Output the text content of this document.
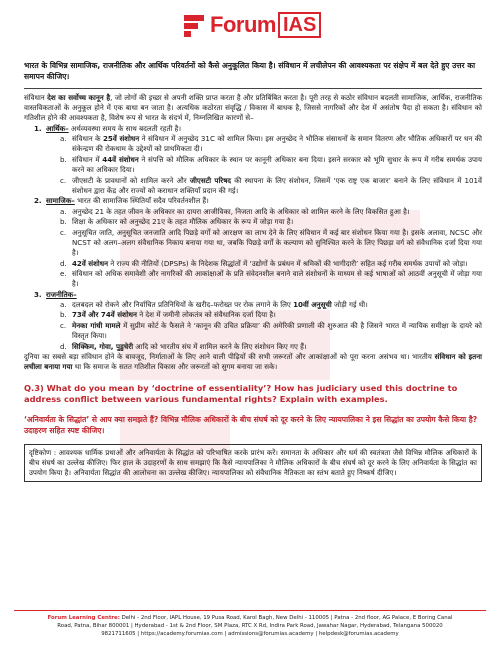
Forum IAS
भारत के विभिन्न सामाजिक, राजनीतिक और आर्थिक परिवर्तनों को कैसे अनुकूलित किया है। संविधान में लचीलेपन की आवश्यकता पर संक्षेप में बल देते हुए उत्तर का समापन कीजिए।

संविधान देश का सर्वोच्च कानून है, जो लोगों की इच्छा से अपनी शक्ति प्राप्त करता है और प्रतिबिंबित करता है। पूरी तरह से कठोर संविधान बदलती सामाजिक, आर्थिक, राजनीतिक वास्तविकताओं के अनुकूल होने में एक बाधा बन जाता है। अत्यधिक कठोरता संवृद्धि / विकास में बाधक है, जिससे नागरिकों और देश में असंतोष पैदा हो सकता है। संविधान को गतिशील होने की आवश्यकता है, विशेष रूप से भारत के संदर्भ में, निम्नलिखित कारणों से–

1. आर्थिक– अर्थव्यवस्था समय के साथ बदलती रहती है।
a. संविधान के 25वें संशोधन ने संविधान में अनुच्छेद 31C को शामिल किया। इस अनुच्छेद ने भौतिक संसाधनों के समान वितरण और भौतिक अधिकारों पर धन की संकेन्द्रण की रोकथाम के उद्देश्यों को प्राथमिकता दी।
b. संविधान में 44वें संशोधन ने संपत्ति को मौलिक अधिकार के स्थान पर कानूनी अधिकार बना दिया। इसने सरकार को भूमि सुधार के रूप में गरीब समर्थक उपाय करने का अधिकार दिया।
c. जीएसटी के प्रावधानों को शामिल करने और जीएसटी परिषद की स्थापना के लिए संशोधन, जिसमें ‘एक राष्ट्र एक बाजार’ बनाने के लिए संविधान में 101वें संशोधन द्वारा केंद्र और राज्यों को कराधान शक्तियाँ प्रदान की गई।
2. सामाजिक– भारत की सामाजिक स्थितियाँ सदैव परिवर्तनशील हैं।
a. अनुच्छेद 21 के तहत जीवन के अधिकार का दायरा आजीविका, निजता आदि के अधिकार को शामिल करने के लिए विकसित हुआ है।
b. शिक्षा के अधिकार को अनुच्छेद 21ए के तहत मौलिक अधिकार के रूप में जोड़ा गया है।
c. अनुसूचित जाति, अनुसूचित जनजाति आदि पिछड़े वर्गों को आरक्षण का लाभ देने के लिए संविधान में कई बार संशोधन किया गया है। इसके अलावा, NCSC और NCST को अलग–अलग संवैधानिक निकाय बनाया गया था, जबकि पिछड़े वर्गों के कल्याण को सुनिश्चित करने के लिए पिछड़ा वर्ग को संवैधानिक दर्जा दिया गया है।
d. 42वें संशोधन ने राज्य की नीतियों (DPSPs) के निदेशक सिद्धांतों में ‘उद्योगों के प्रबंधन में श्रमिकों की भागीदारी’ सहित कई गरीब समर्थक उपायों को जोड़ा।
e. संविधान को अधिक समावेशी और नागरिकों की आकांक्षाओं के प्रति संवेदनशील बनाने वाले संशोधनों के माध्यम से कई भाषाओं को आठवीं अनुसूची में जोड़ा गया है।
3. राजनीतिक–
a. दलबदल को रोकने और निर्वाचित प्रतिनिधियों के खरीद–फरोख्त पर रोक लगाने के लिए 10वीं अनुसूची जोड़ी गई थी।
b. 73वें और 74वें संशोधन ने देश में जमीनी लोकतंत्र को संवैधानिक दर्जा दिया है।
c. मेनका गांधी मामले में सुप्रीम कोर्ट के फैसले ने ‘कानून की उचित प्रक्रिया’ की अमेरिकी प्रणाली की शुरुआत की है जिसने भारत में न्यायिक समीक्षा के दायरे को विस्तृत किया।
d. सिक्किम, गोवा, पुडुचेरी आदि को भारतीय संघ में शामिल करने के लिए संशोधन किए गए हैं।

दुनिया का सबसे बड़ा संविधान होने के बावजूद, निर्माताओं के लिए आने वाली पीढ़ियों की सभी जरूरतों और आकांक्षाओं को पूरा करना असंभव था। भारतीय संविधान को इतना लचीला बनाया गया था कि समाज के सतत गतिशील विकास और जरूरतों को सुगम बनाया जा सके।

Q.3) What do you mean by ‘doctrine of essentiality’? How has judiciary used this doctrine to address conflict between various fundamental rights? Explain with examples.
‘अनिवार्यता के सिद्धांत’ से आप क्या समझते हैं? विभिन्न मौलिक अधिकारों के बीच संघर्ष को दूर करने के लिए न्यायपालिका ने इस सिद्धांत का उपयोग कैसे किया है? उदाहरण सहित स्पष्ट कीजिए।
दृष्टिकोण : आवश्यक धार्मिक प्रथाओं और अनिवार्यता के सिद्धांत को परिभाषित करके प्रारंभ करें। समानता के अधिकार और धर्म की स्वतंत्रता जैसे विभिन्न मौलिक अधिकारों के बीच संघर्ष का उल्लेख कीजिए। फिर हाल के उदाहरणों के साथ समझाएं कि कैसे न्यायपालिका ने मौलिक अधिकारों के बीच संघर्ष को दूर करने के लिए अनिवार्यता के सिद्धांत का उपयोग किया है। अनिवार्यता सिद्धांत की आलोचना का उल्लेख कीजिए। न्यायपालिका को संवैधानिक नैतिकता का स्तंभ बताते हुए निष्कर्ष दीजिए।
Forum Learning Centre: Delhi - 2nd Floor, IAPL House, 19 Pusa Road, Karol Bagh, New Delhi - 110005 | Patna - 2nd floor, AG Palace, E Boring Canal
Road, Patna, Bihar 800001 | Hyderabad - 1st & 2nd Floor, SM Plaza, RTC X Rd, Indira Park Road, Jawahar Nagar, Hyderabad, Telangana 500020
9821711605 | https://academy.forumias.com | admissions@forumias.academy | helpdesk@forumias.academy
